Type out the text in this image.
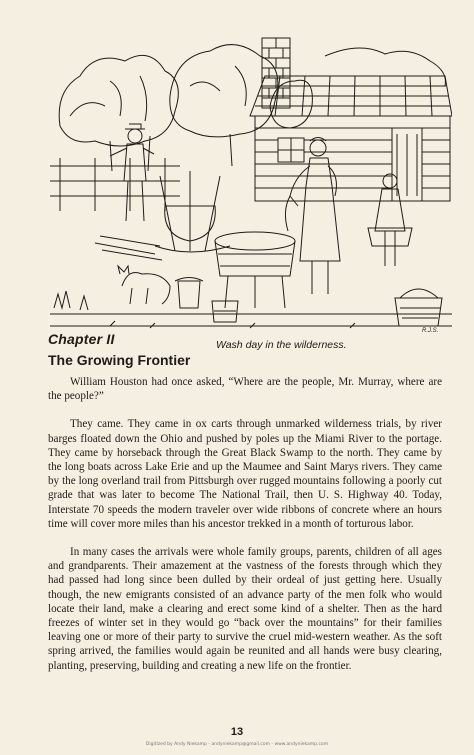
R.J.S.
Chapter II	Wash day in the wilderness.
The Growing Frontier

William Houston had once asked, “Where are the people, Mr. Murray, where are the people?”

They came. They came in ox carts through unmarked wilderness trials, by river barges floated down the Ohio and pushed by poles up the Miami River to the portage. They came by horseback through the Great Black Swamp to the north. They came by the long boats across Lake Erie and up the Maumee and Saint Marys rivers. They came by the long overland trail from Pittsburgh over rugged mountains following a poorly cut grade that was later to become The National Trail, then U. S. Highway 40. Today, Interstate 70 speeds the modern traveler over wide ribbons of concrete where an hours time will cover more miles than his ancestor trekked in a month of torturous labor.

In many cases the arrivals were whole family groups, parents, children of all ages and grandparents. Their amazement at the vastness of the forests through which they had passed had long since been dulled by their ordeal of just getting here. Usually though, the new emigrants consisted of an advance party of the men folk who would locate their land, make a clearing and erect some kind of a shelter. Then as the hard freezes of winter set in they would go “back over the mountains” for their families leaving one or more of their party to survive the cruel mid-western weather. As the soft spring arrived, the families would again be reunited and all hands were busy clearing, planting, preserving, building and creating a new life on the frontier.

13
Digitized by Andy Niekamp - andyniekamp@gmail.com - www.andyniekamp.com
